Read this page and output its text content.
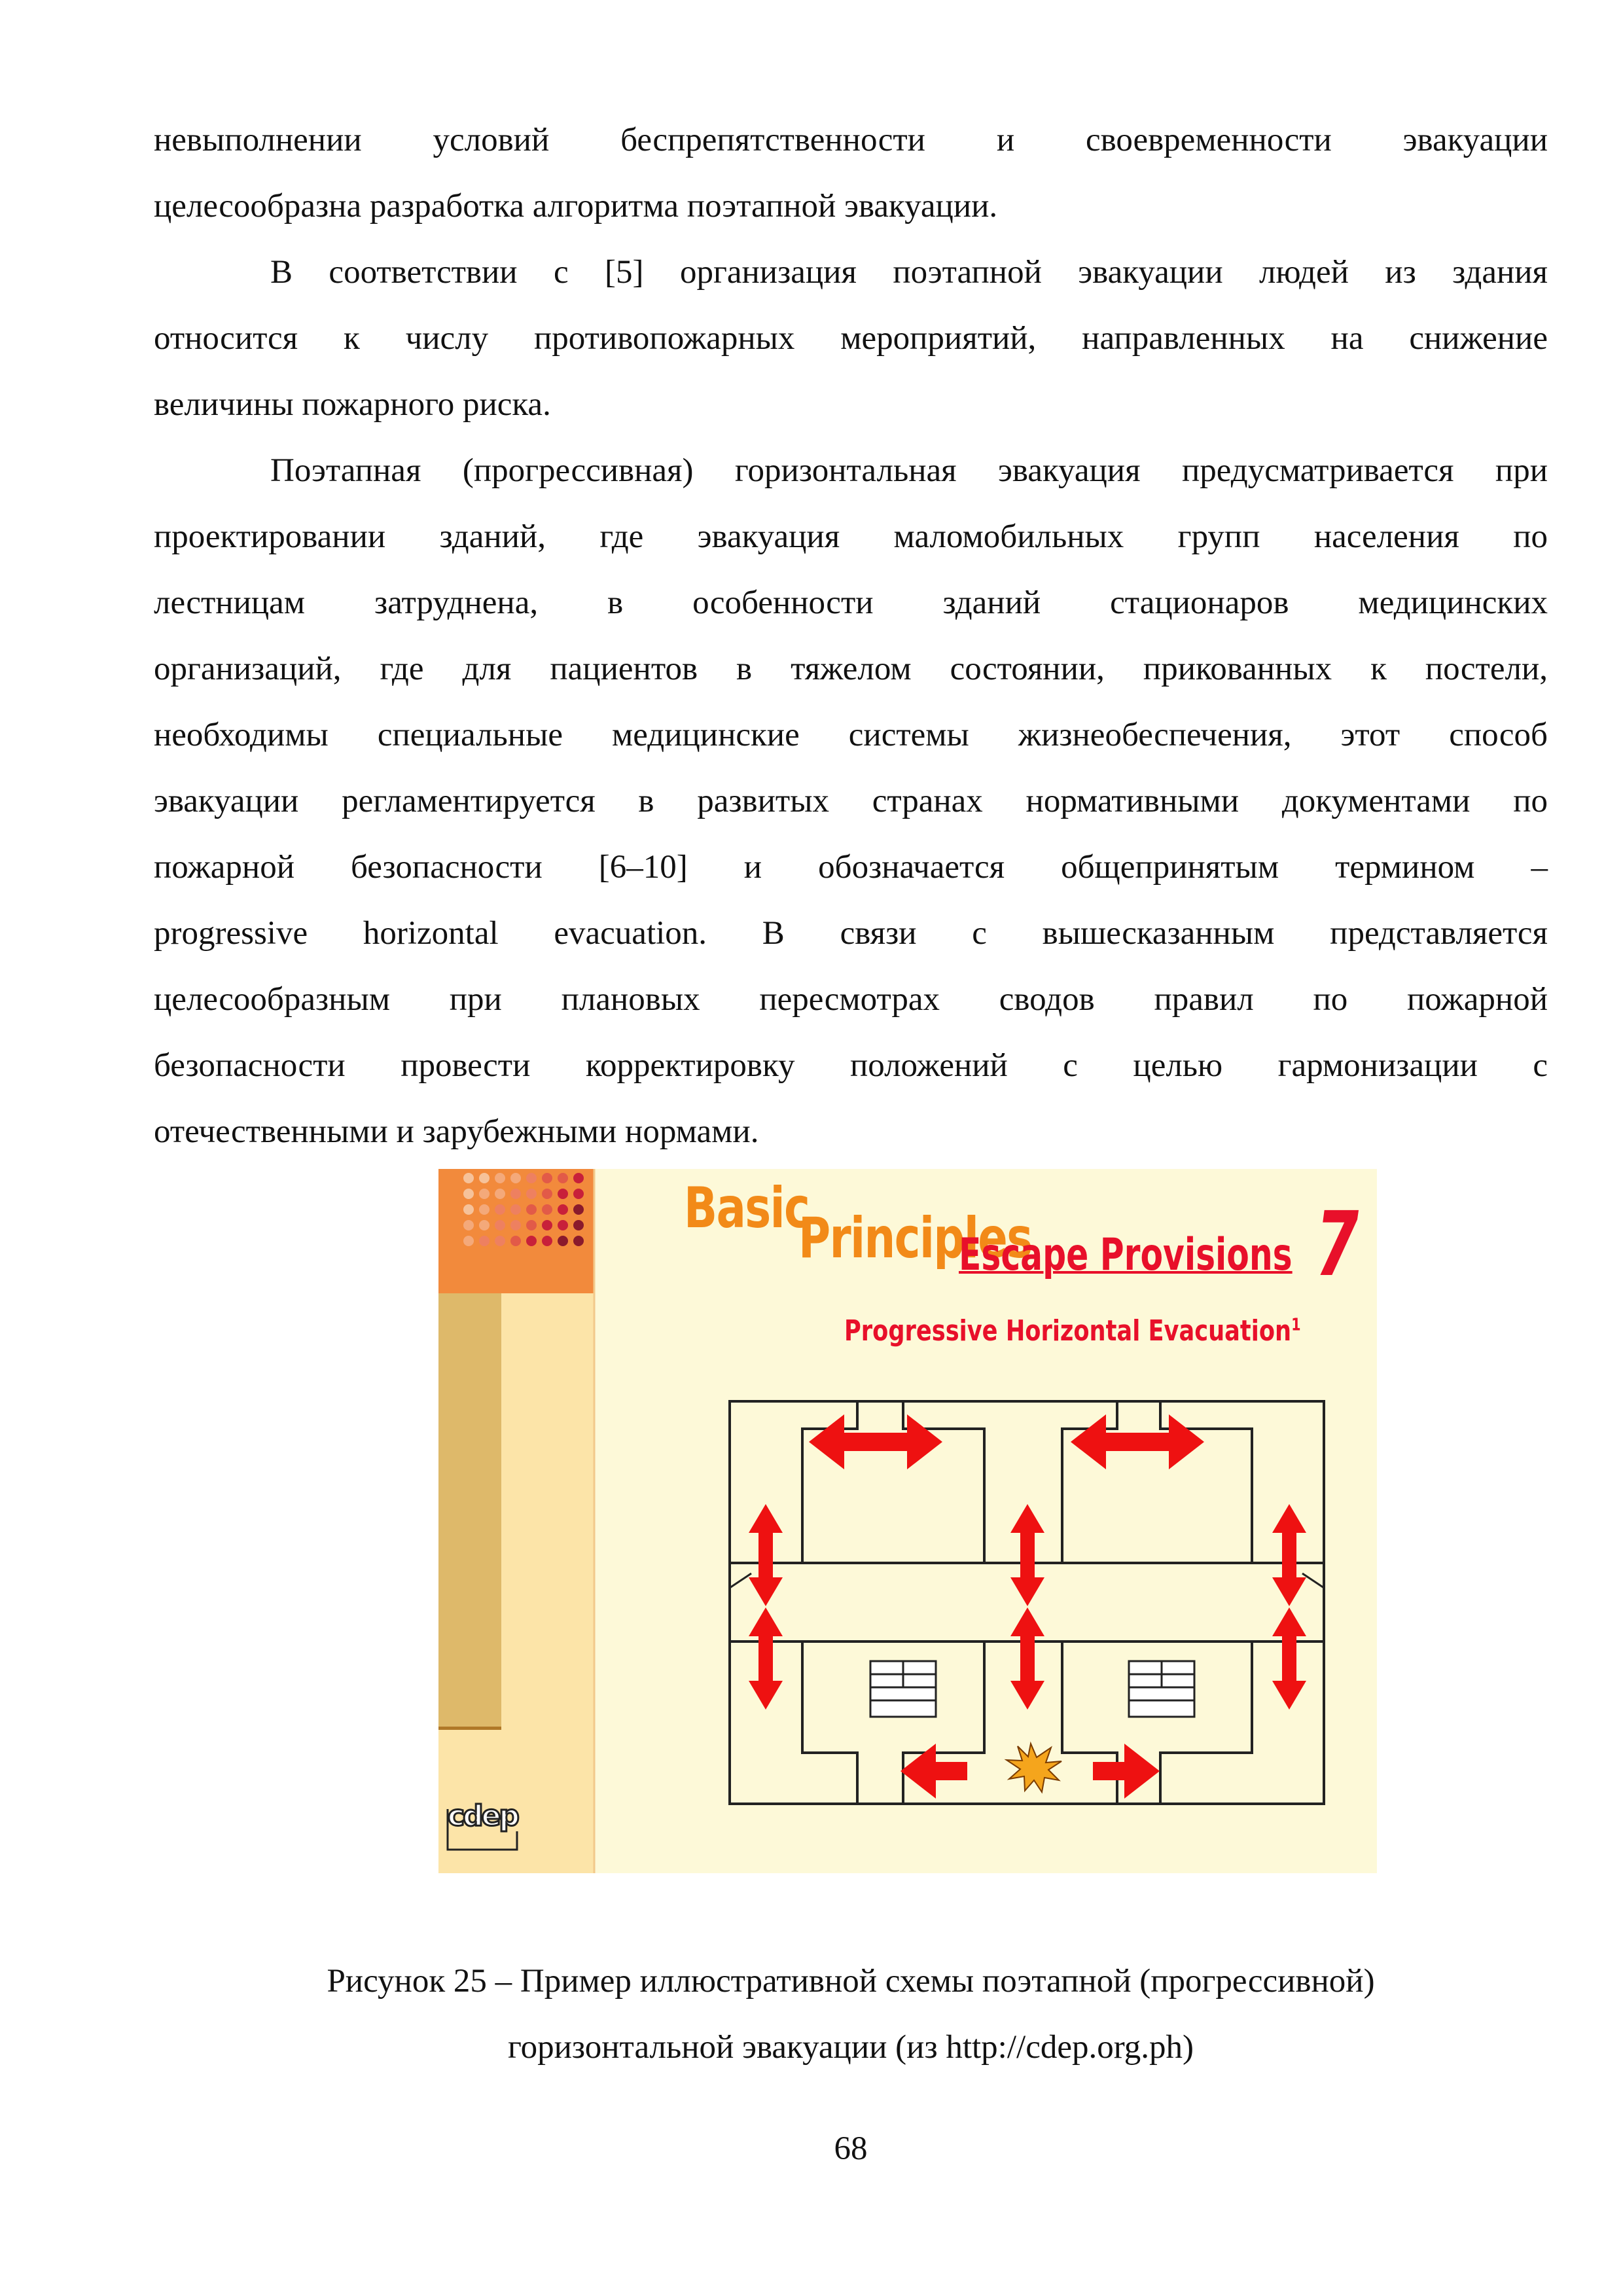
невыполнении условий беспрепятственности и своевременности эвакуации
целесообразна разработка алгоритма поэтапной эвакуации.
В соответствии с [5] организация поэтапной эвакуации людей из здания
относится к числу противопожарных мероприятий, направленных на снижение
величины пожарного риска.
Поэтапная (прогрессивная) горизонтальная эвакуация предусматривается при
проектировании зданий, где эвакуация маломобильных групп населения по
лестницам затруднена, в особенности зданий стационаров медицинских
организаций, где для пациентов в тяжелом состоянии, прикованных к постели,
необходимы специальные медицинские системы жизнеобеспечения, этот способ
эвакуации регламентируется в развитых странах нормативными документами по
пожарной безопасности [6–10] и обозначается общепринятым термином –
progressive horizontal evacuation. В связи с вышесказанным представляется
целесообразным при плановых пересмотрах сводов правил по пожарной
безопасности провести корректировку положений с целью гармонизации с
отечественными и зарубежными нормами.
Basic
Principles
Escape Provisions 7
Progressive Horizontal Evacuation$^1$
cdep
Рисунок 25 – Пример иллюстративной схемы поэтапной (прогрессивной)
горизонтальной эвакуации (из http://cdep.org.ph)
68
